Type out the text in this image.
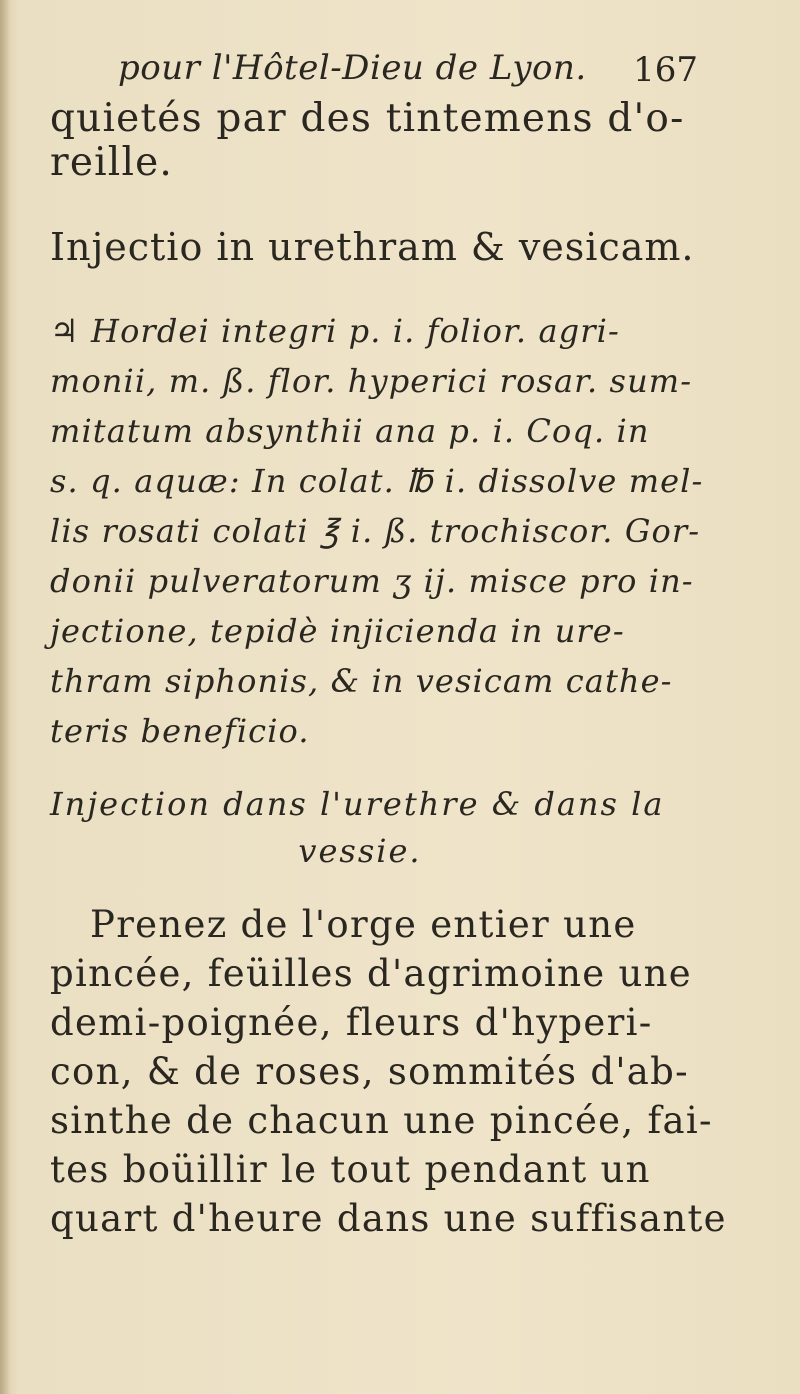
pour l'Hôtel-Dieu de Lyon. 167

quietés par des tintemens d'o-

reille.

Injectio in urethram & vesicam.

♃ Hordei integri p. i. folior. agri-

monii, m. ß. flor. hyperici rosar. sum-

mitatum absynthii ana p. i. Coq. in

s. q. aquæ: In colat. ℔ i. dissolve mel-

lis rosati colati ℥ i. ß. trochiscor. Gor-

donii pulveratorum ʒ ij. misce pro in-

jectione, tepidè injicienda in ure-

thram siphonis, & in vesicam cathe-

teris beneficio.

Injection dans l'urethre & dans la

vessie.

Prenez de l'orge entier une

pincée, feüilles d'agrimoine une

demi-poignée, fleurs d'hyperi-

con, & de roses, sommités d'ab-

sinthe de chacun une pincée, fai-

tes boüillir le tout pendant un

quart d'heure dans une suffisante
